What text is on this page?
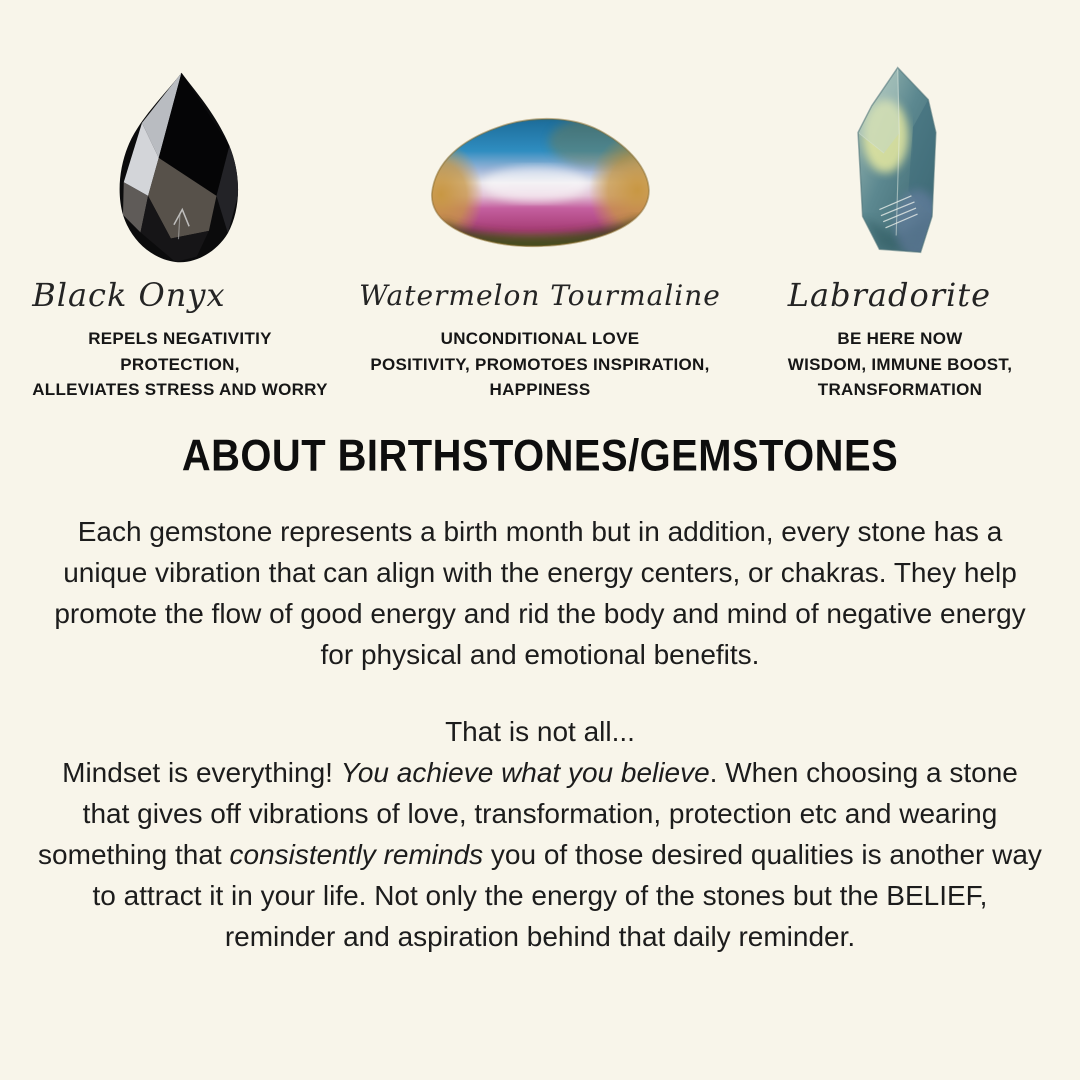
Black Onyx
REPELS NEGATIVITIY
PROTECTION,
ALLEVIATES STRESS AND WORRY
Watermelon Tourmaline
UNCONDITIONAL LOVE
POSITIVITY, PROMOTOES INSPIRATION,
HAPPINESS
Labradorite
BE HERE NOW
WISDOM, IMMUNE BOOST,
TRANSFORMATION
ABOUT BIRTHSTONES/GEMSTONES

Each gemstone represents a birth month but in addition, every stone has a unique vibration that can align with the energy centers, or chakras. They help promote the flow of good energy and rid the body and mind of negative energy for physical and emotional benefits.

That is not all...
Mindset is everything! You achieve what you believe. When choosing a stone that gives off vibrations of love, transformation, protection etc and wearing something that consistently reminds you of those desired qualities is another way to attract it in your life. Not only the energy of the stones but the BELIEF, reminder and aspiration behind that daily reminder.
